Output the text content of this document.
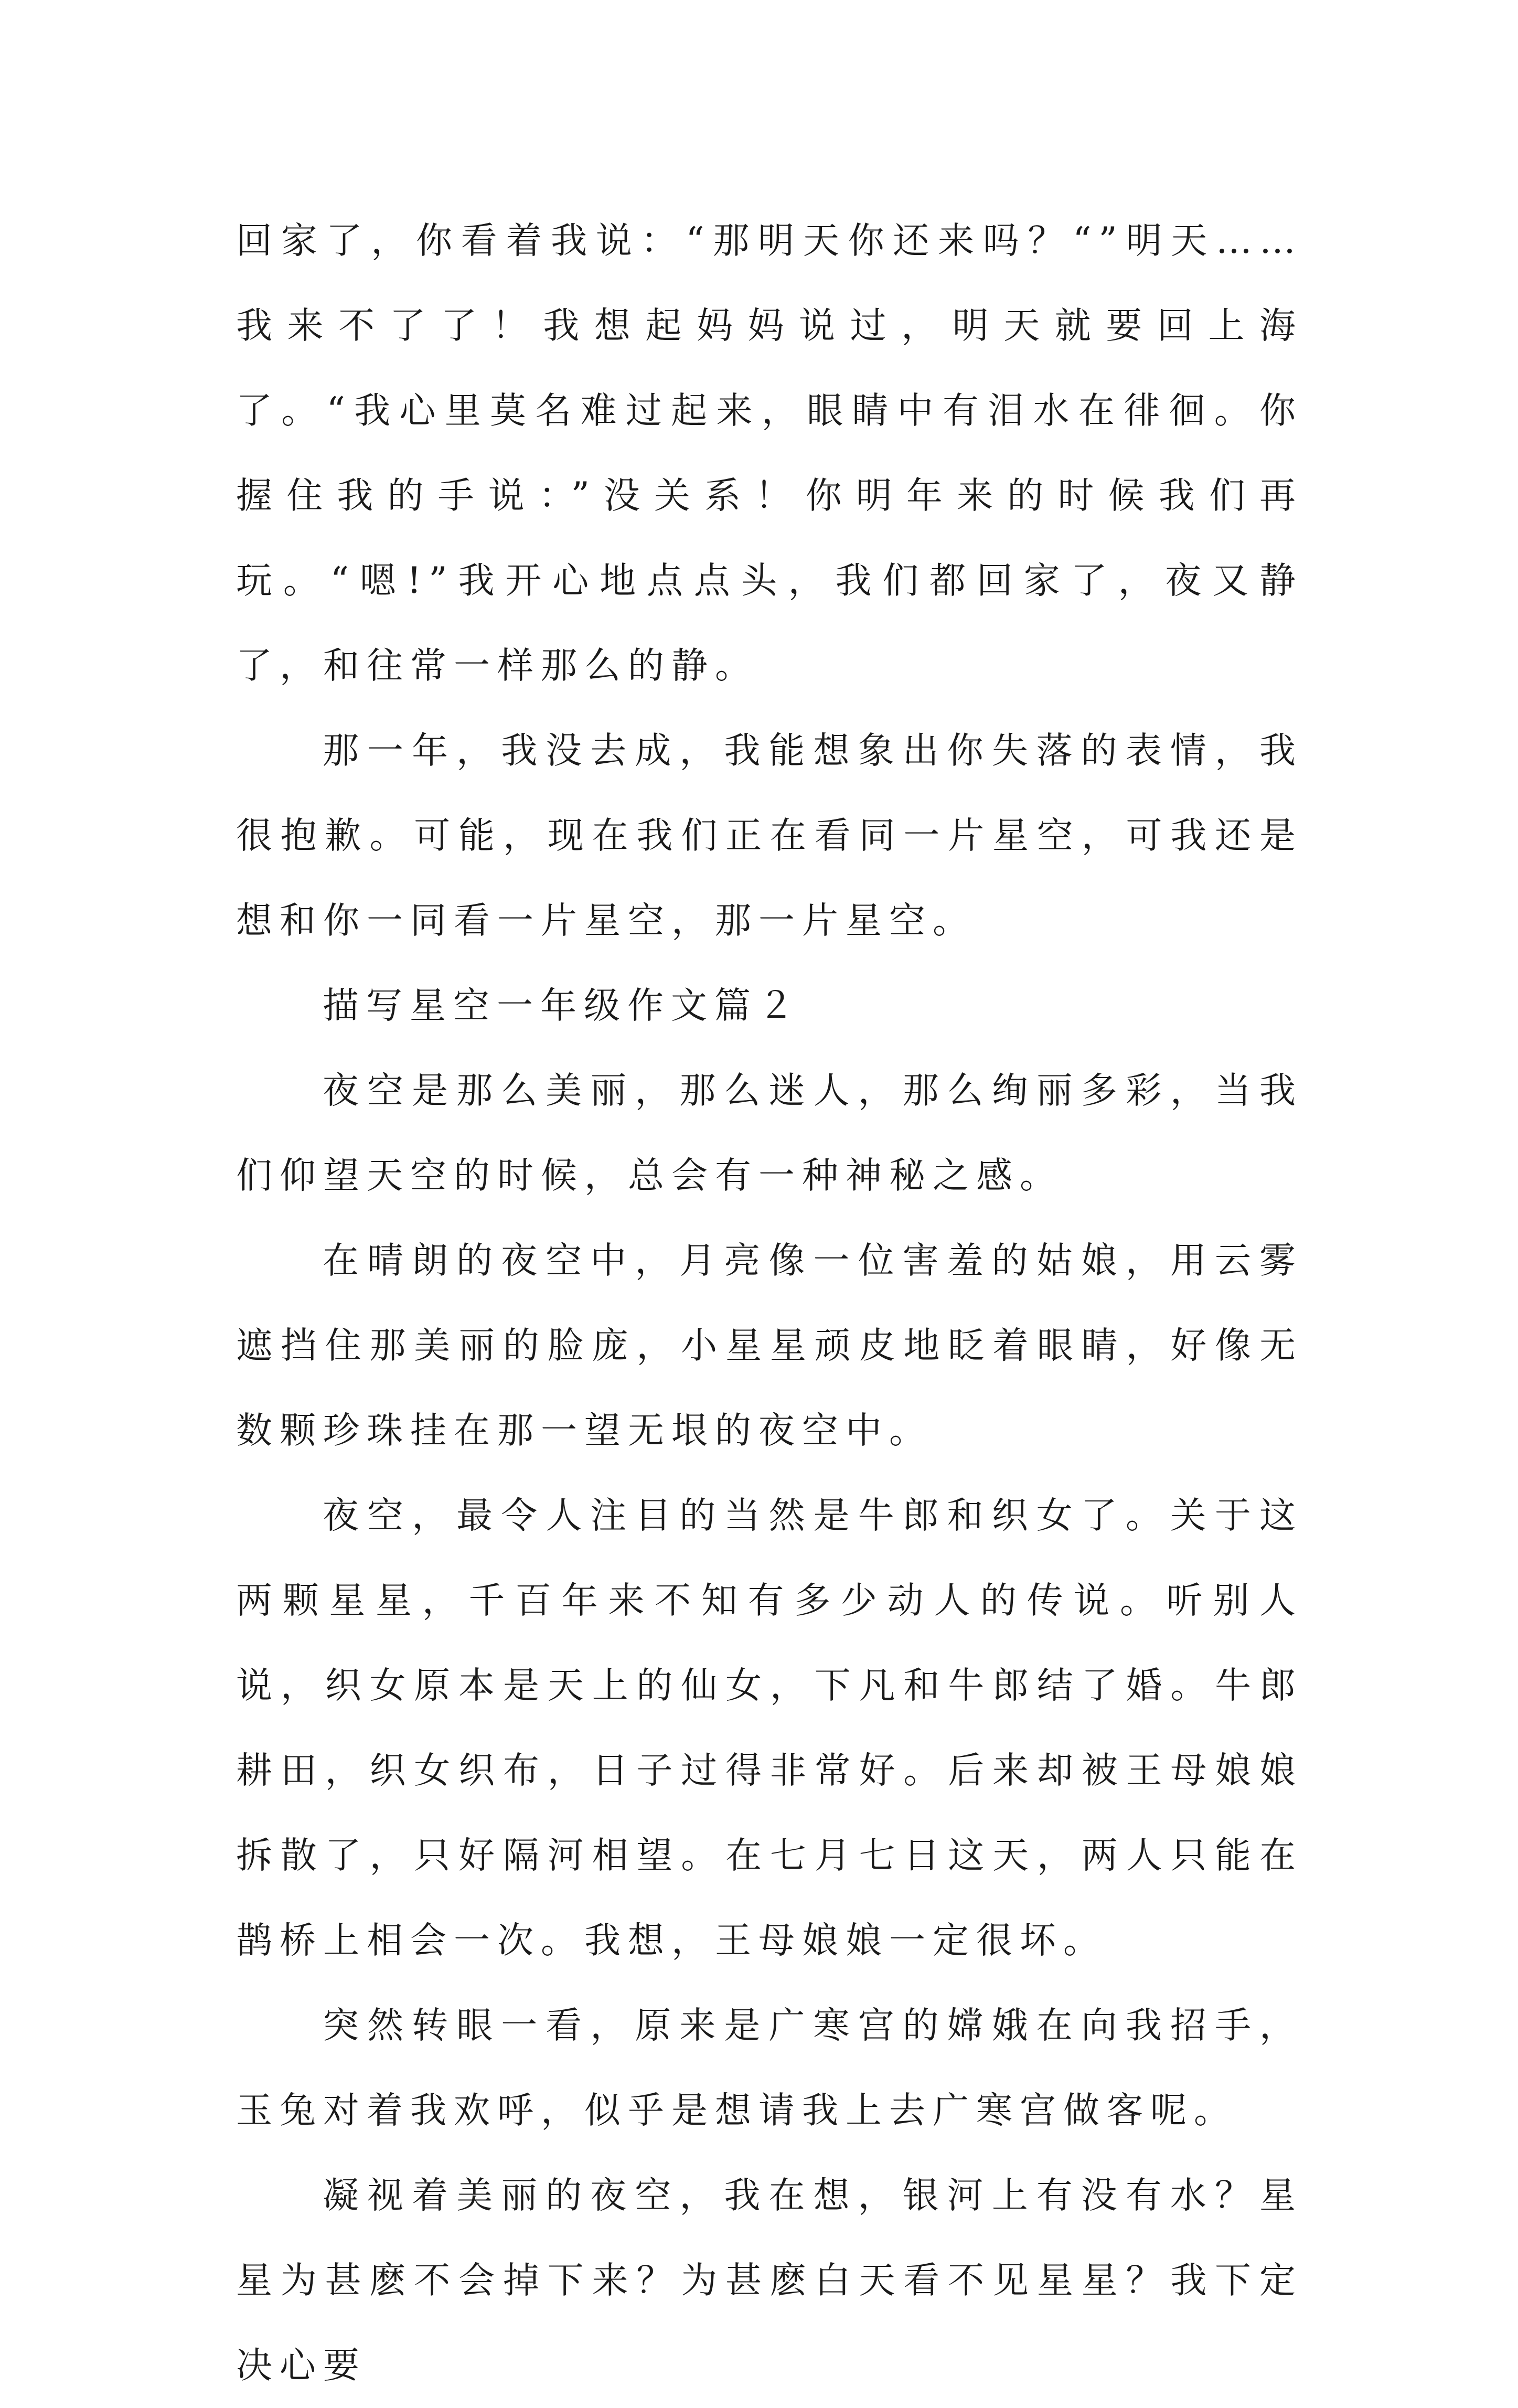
回家了，你看着我说：“那明天你还来吗？“”明天……我来不了了！我想起妈妈说过，明天就要回上海了。“我心里莫名难过起来，眼睛中有泪水在徘徊。你握住我的手说：”没关系！你明年来的时候我们再玩。“嗯!”我开心地点点头，我们都回家了，夜又静了，和往常一样那么的静。

那一年，我没去成，我能想象出你失落的表情，我很抱歉。可能，现在我们正在看同一片星空，可我还是想和你一同看一片星空，那一片星空。

描写星空一年级作文篇２

夜空是那么美丽，那么迷人，那么绚丽多彩，当我们仰望天空的时候，总会有一种神秘之感。

在晴朗的夜空中，月亮像一位害羞的姑娘，用云雾遮挡住那美丽的脸庞，小星星顽皮地眨着眼睛，好像无数颗珍珠挂在那一望无垠的夜空中。

夜空，最令人注目的当然是牛郎和织女了。关于这两颗星星，千百年来不知有多少动人的传说。听别人说，织女原本是天上的仙女，下凡和牛郎结了婚。牛郎耕田，织女织布，日子过得非常好。后来却被王母娘娘拆散了，只好隔河相望。在七月七日这天，两人只能在鹊桥上相会一次。我想，王母娘娘一定很坏。

突然转眼一看，原来是广寒宫的嫦娥在向我招手，玉兔对着我欢呼，似乎是想请我上去广寒宫做客呢。

凝视着美丽的夜空，我在想，银河上有没有水？星星为甚麽不会掉下来？为甚麽白天看不见星星？我下定决心要
